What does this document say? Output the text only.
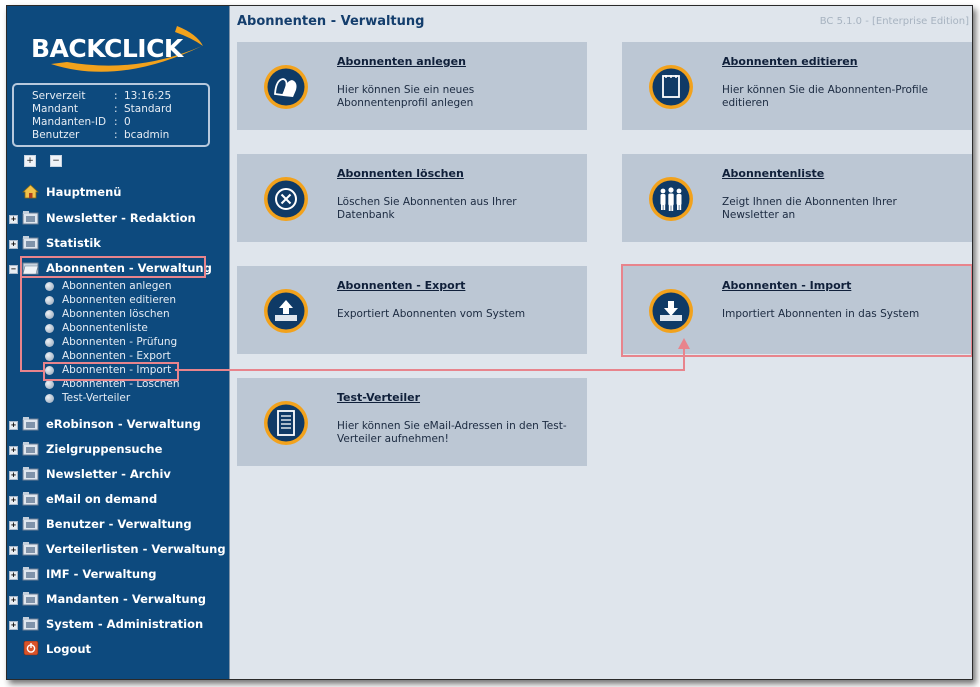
BACKCLICK
Serverzeit	: 13:16:25
Mandant	: Standard
Mandanten-ID : 0
Benutzer	: bcadmin
+ −
Hauptmenü
+	Newsletter - Redaktion
+	Statistik
−	Abonnenten - Verwaltung
Abonnenten anlegen
Abonnenten editieren
Abonnenten löschen
Abonnentenliste
Abonnenten - Prüfung
Abonnenten - Export
Abonnenten - Import
Abonnenten - Löschen
Test-Verteiler
+	eRobinson - Verwaltung
+	Zielgruppensuche
+	Newsletter - Archiv
+	eMail on demand
+	Benutzer - Verwaltung
+	Verteilerlisten - Verwaltung
+	IMF - Verwaltung
+	Mandanten - Verwaltung
+	System - Administration
Logout
Abonnenten - Verwaltung	BC 5.1.0 - [Enterprise Edition]
Abonnenten anlegen
Hier können Sie ein neues Abonnentenprofil anlegen
Abonnenten editieren
Hier können Sie die Abonnenten-Profile editieren
Abonnenten löschen
Löschen Sie Abonnenten aus Ihrer Datenbank
Abonnentenliste
Zeigt Ihnen die Abonnenten Ihrer Newsletter an
Abonnenten - Export
Exportiert Abonnenten vom System
Abonnenten - Import
Importiert Abonnenten in das System
Test-Verteiler
Hier können Sie eMail-Adressen in den Test-Verteiler aufnehmen!
